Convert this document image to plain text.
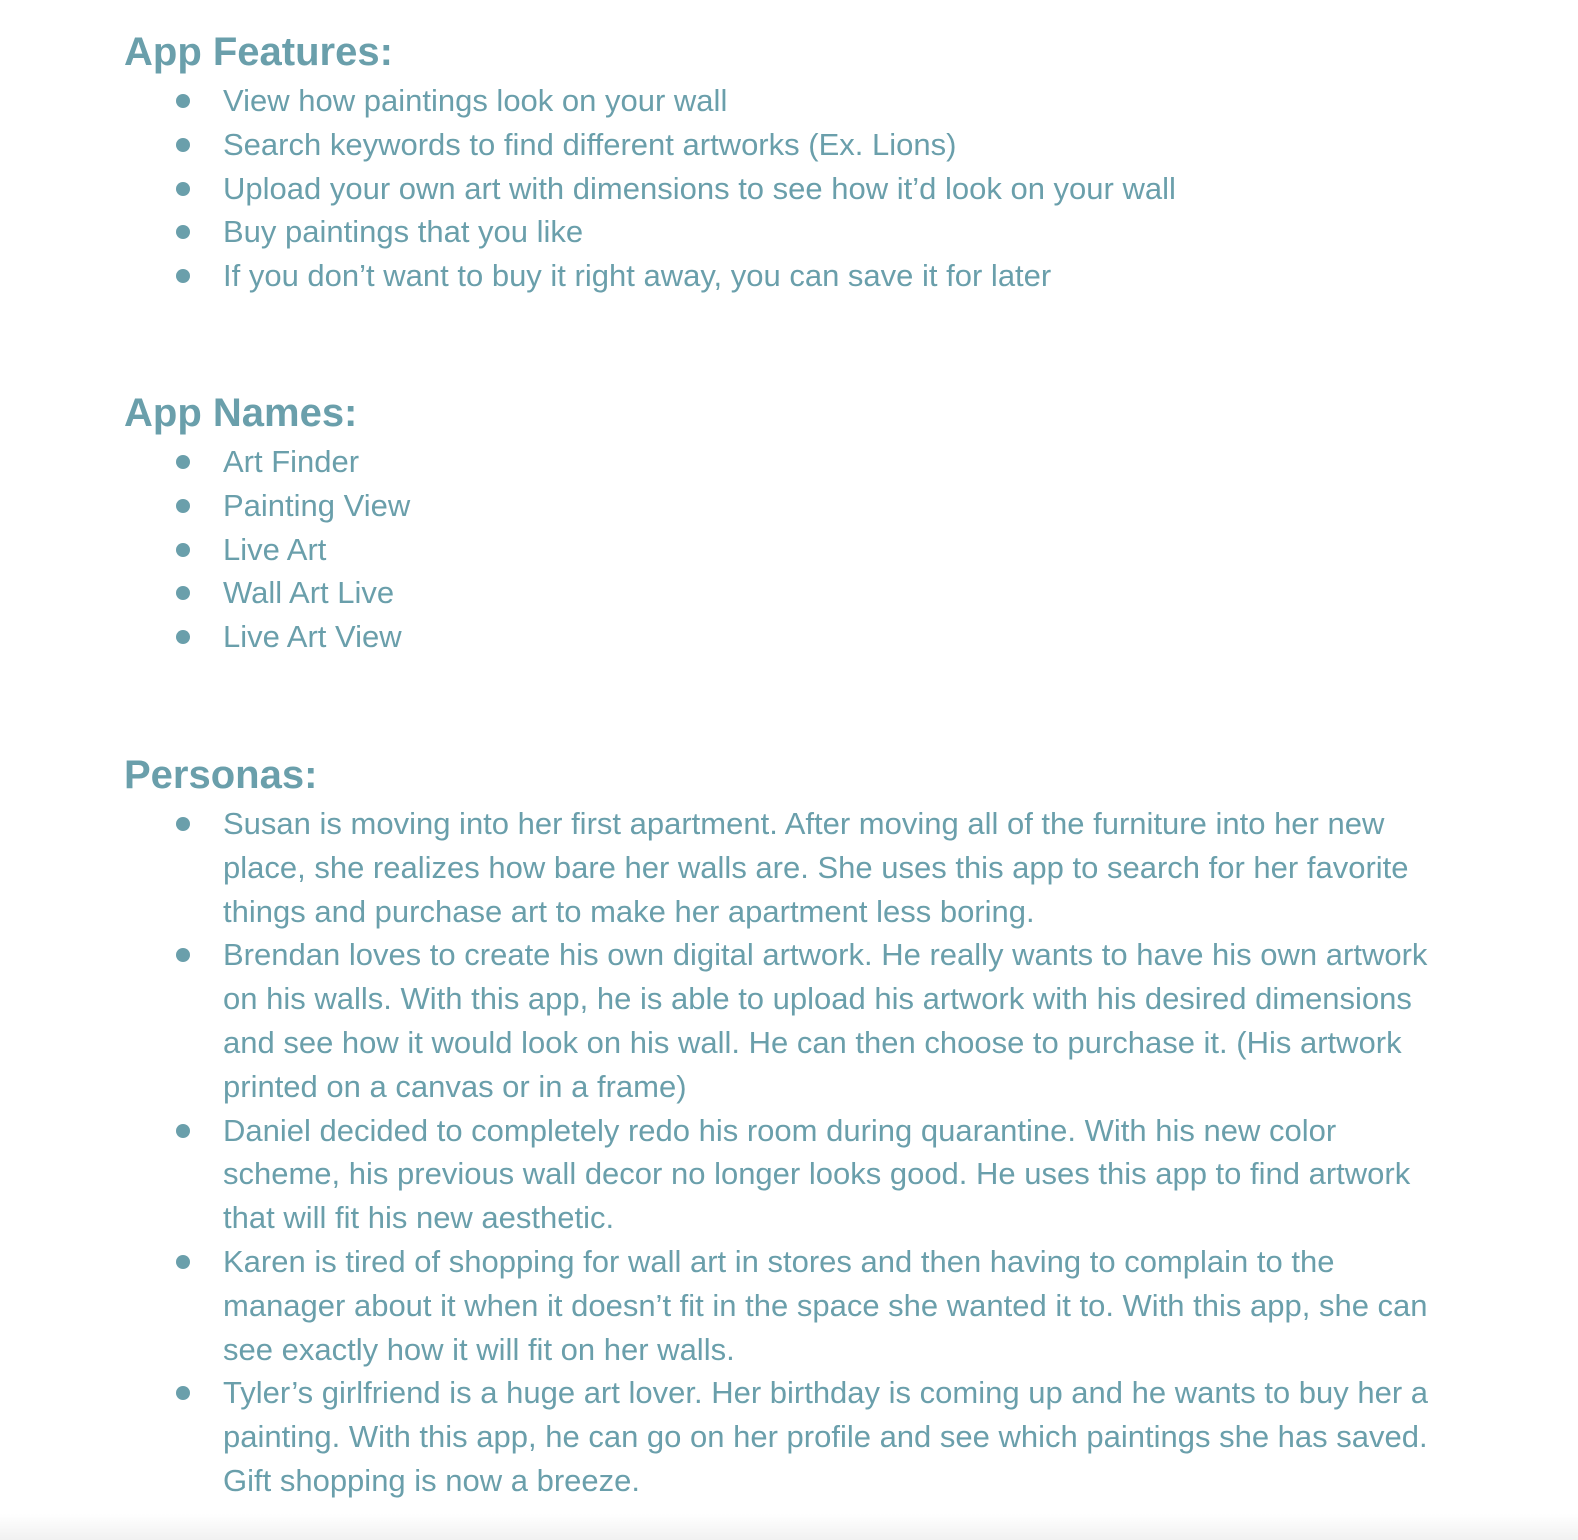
App Features:
View how paintings look on your wall
Search keywords to find different artworks (Ex. Lions)
Upload your own art with dimensions to see how it’d look on your wall
Buy paintings that you like
If you don’t want to buy it right away, you can save it for later
App Names:
Art Finder
Painting View
Live Art
Wall Art Live
Live Art View
Personas:
Susan is moving into her first apartment. After moving all of the furniture into her new place, she realizes how bare her walls are. She uses this app to search for her favorite things and purchase art to make her apartment less boring.
Brendan loves to create his own digital artwork. He really wants to have his own artwork on his walls. With this app, he is able to upload his artwork with his desired dimensions and see how it would look on his wall. He can then choose to purchase it. (His artwork printed on a canvas or in a frame)
Daniel decided to completely redo his room during quarantine. With his new color scheme, his previous wall decor no longer looks good. He uses this app to find artwork that will fit his new aesthetic.
Karen is tired of shopping for wall art in stores and then having to complain to the manager about it when it doesn’t fit in the space she wanted it to. With this app, she can see exactly how it will fit on her walls.
Tyler’s girlfriend is a huge art lover. Her birthday is coming up and he wants to buy her a painting. With this app, he can go on her profile and see which paintings she has saved. Gift shopping is now a breeze.
